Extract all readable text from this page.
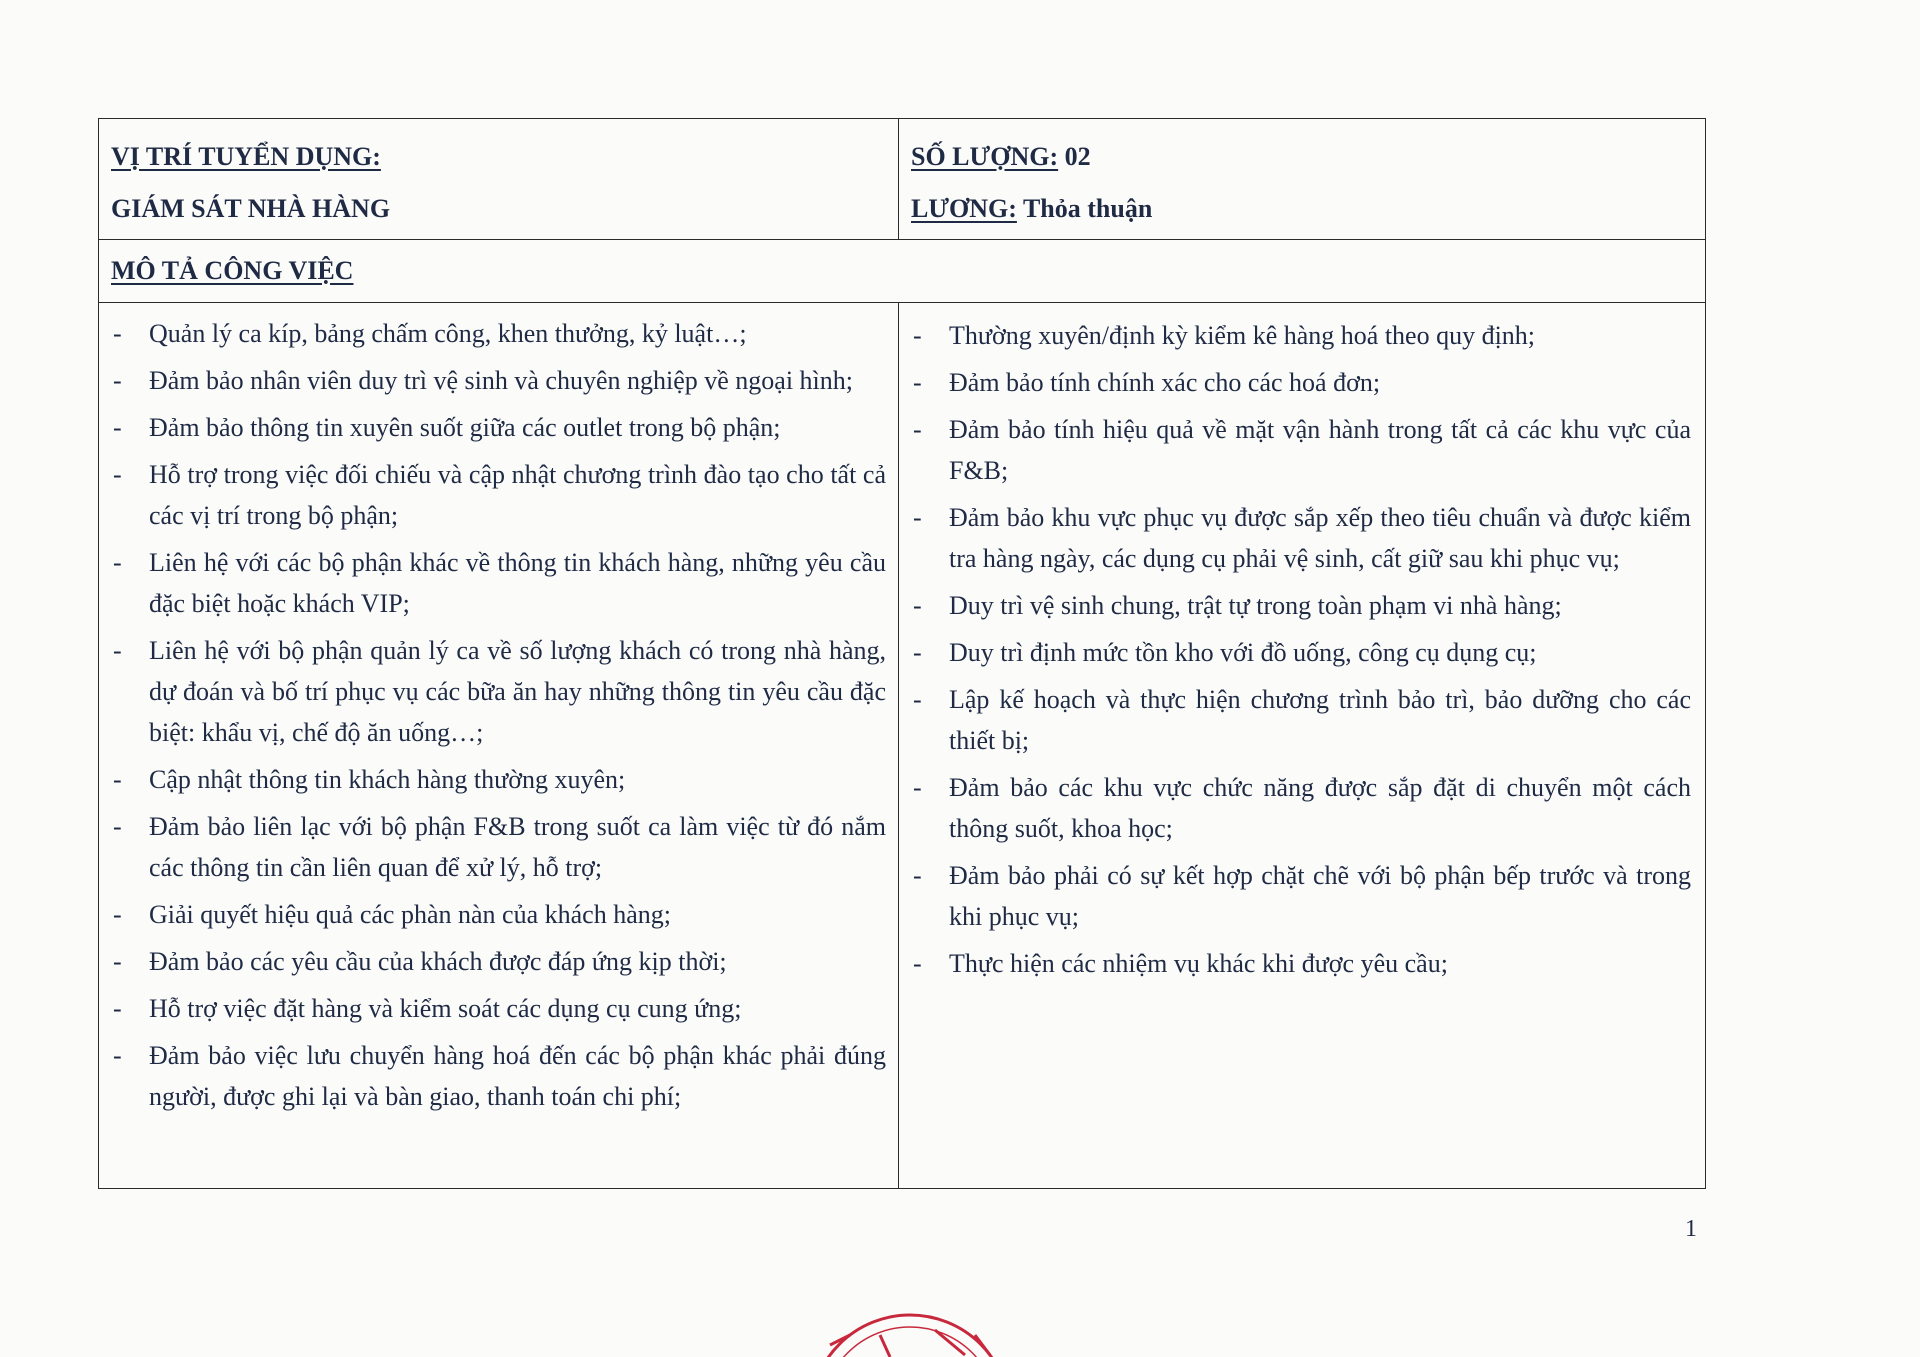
VỊ TRÍ TUYỂN DỤNG:
GIÁM SÁT NHÀ HÀNG
SỐ LƯỢNG: 02
LƯƠNG: Thỏa thuận
MÔ TẢ CÔNG VIỆC
- Quản lý ca kíp, bảng chấm công, khen thưởng, kỷ luật…;
- Đảm bảo nhân viên duy trì vệ sinh và chuyên nghiệp về ngoại hình;
- Đảm bảo thông tin xuyên suốt giữa các outlet trong bộ phận;
- Hỗ trợ trong việc đối chiếu và cập nhật chương trình đào tạo cho tất cả các vị trí trong bộ phận;
- Liên hệ với các bộ phận khác về thông tin khách hàng, những yêu cầu đặc biệt hoặc khách VIP;
- Liên hệ với bộ phận quản lý ca về số lượng khách có trong nhà hàng, dự đoán và bố trí phục vụ các bữa ăn hay những thông tin yêu cầu đặc biệt: khẩu vị, chế độ ăn uống…;
- Cập nhật thông tin khách hàng thường xuyên;
- Đảm bảo liên lạc với bộ phận F&B trong suốt ca làm việc từ đó nắm các thông tin cần liên quan để xử lý, hỗ trợ;
- Giải quyết hiệu quả các phàn nàn của khách hàng;
- Đảm bảo các yêu cầu của khách được đáp ứng kịp thời;
- Hỗ trợ việc đặt hàng và kiểm soát các dụng cụ cung ứng;
- Đảm bảo việc lưu chuyển hàng hoá đến các bộ phận khác phải đúng người, được ghi lại và bàn giao, thanh toán chi phí;
- Thường xuyên/định kỳ kiểm kê hàng hoá theo quy định;
- Đảm bảo tính chính xác cho các hoá đơn;
- Đảm bảo tính hiệu quả về mặt vận hành trong tất cả các khu vực của F&B;
- Đảm bảo khu vực phục vụ được sắp xếp theo tiêu chuẩn và được kiểm tra hàng ngày, các dụng cụ phải vệ sinh, cất giữ sau khi phục vụ;
- Duy trì vệ sinh chung, trật tự trong toàn phạm vi nhà hàng;
- Duy trì định mức tồn kho với đồ uống, công cụ dụng cụ;
- Lập kế hoạch và thực hiện chương trình bảo trì, bảo dưỡng cho các thiết bị;
- Đảm bảo các khu vực chức năng được sắp đặt di chuyển một cách thông suốt, khoa học;
- Đảm bảo phải có sự kết hợp chặt chẽ với bộ phận bếp trước và trong khi phục vụ;
- Thực hiện các nhiệm vụ khác khi được yêu cầu;
1
